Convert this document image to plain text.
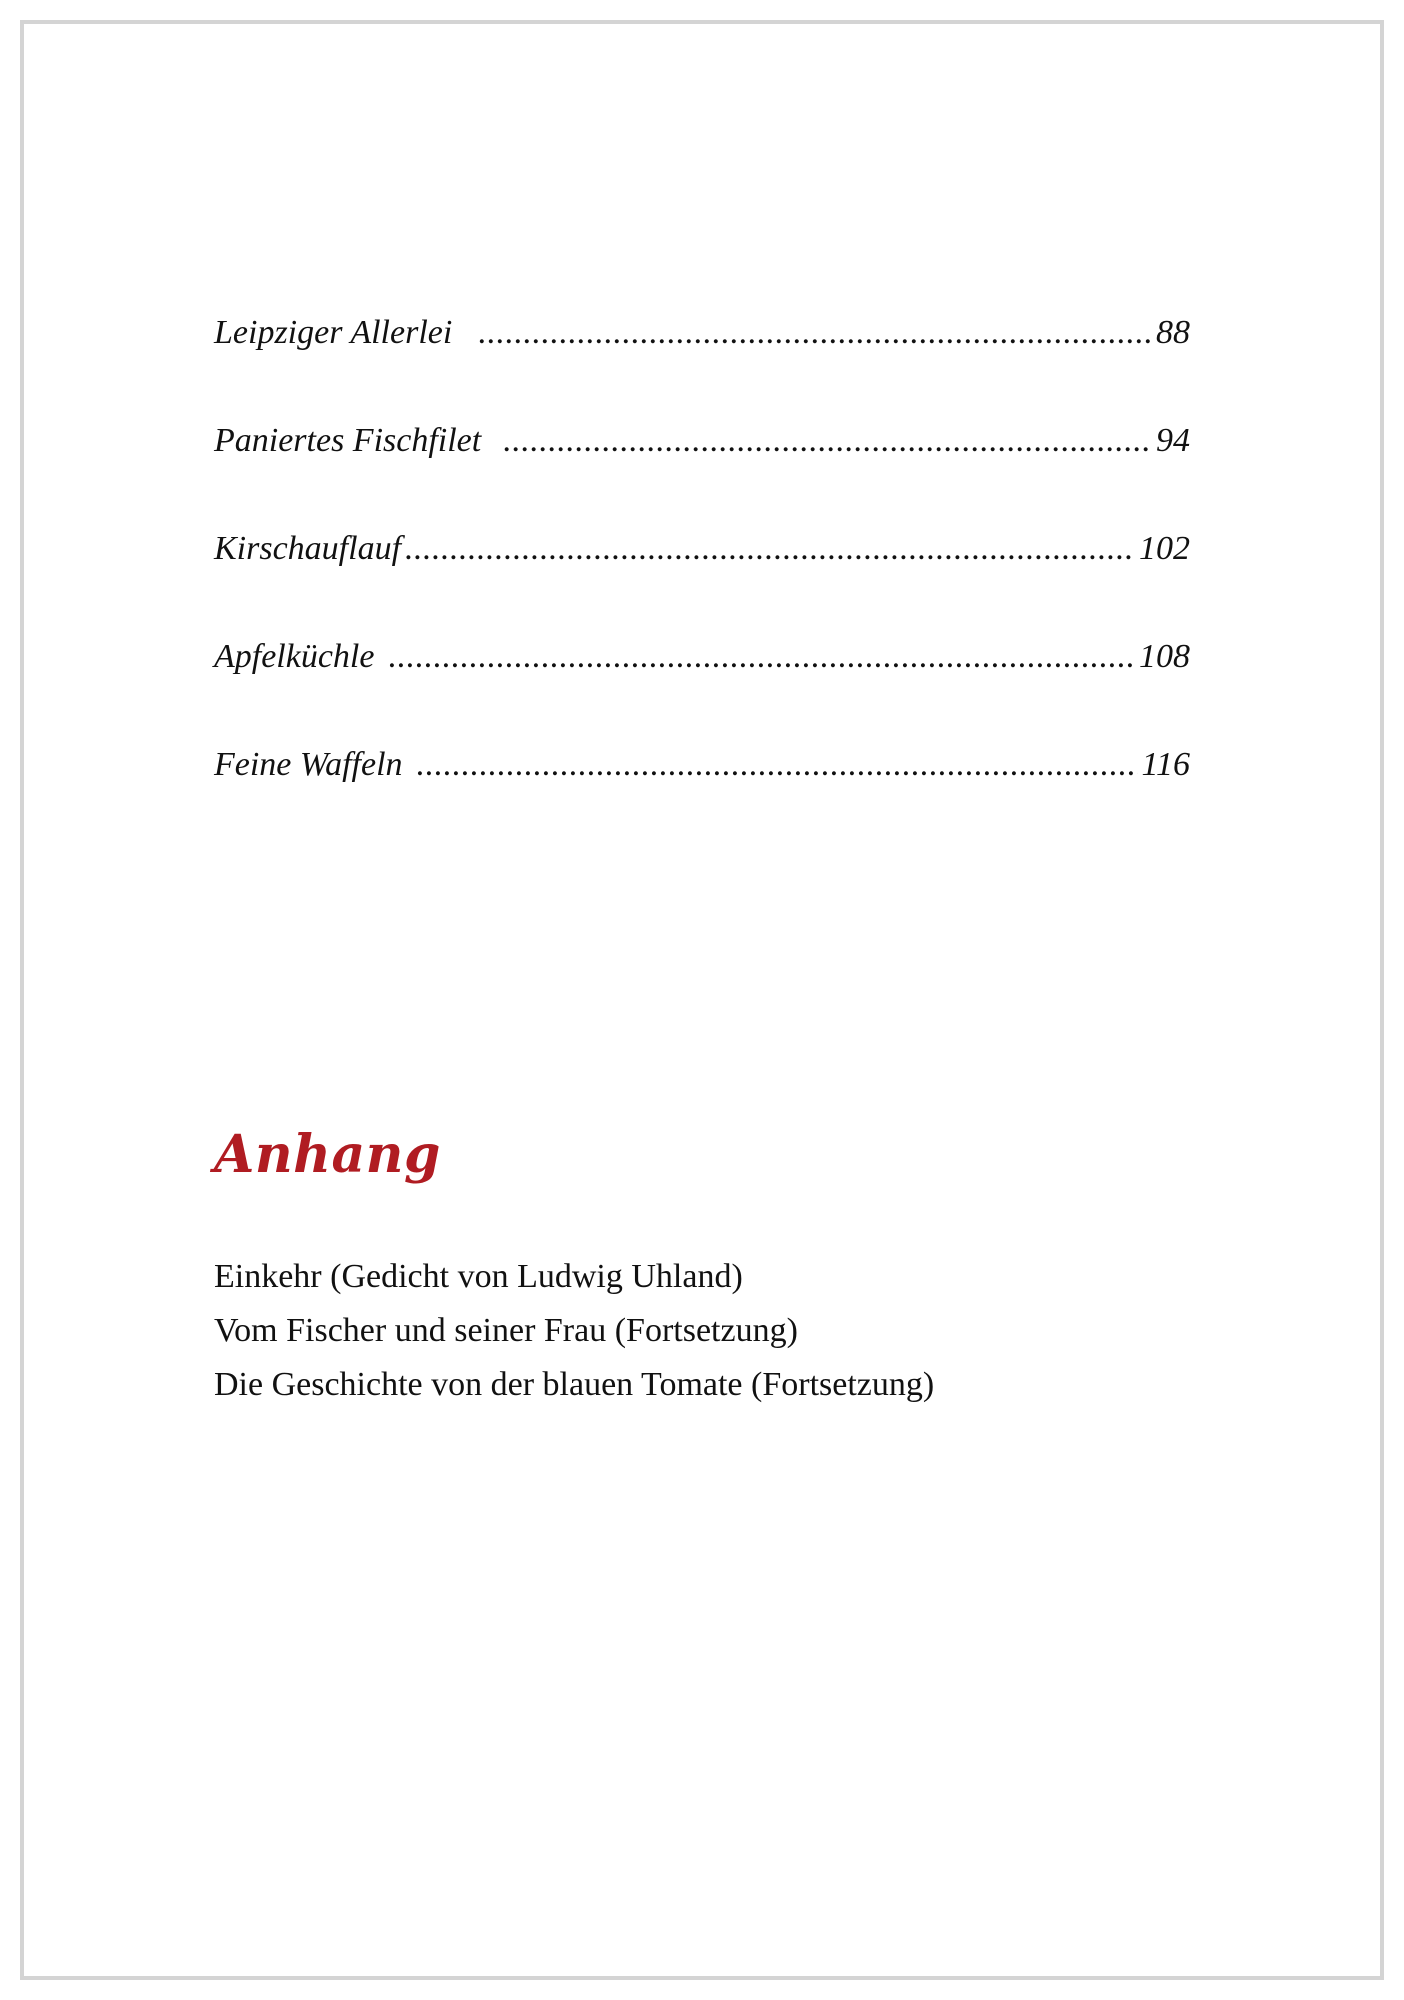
Leipziger Allerlei .....	88
Paniertes Fischfilet .....	94
Kirschauflauf .....	102
Apfelküchle .....	108
Feine Waffeln .....	116
Anhang
Einkehr (Gedicht von Ludwig Uhland)
Vom Fischer und seiner Frau (Fortsetzung)
Die Geschichte von der blauen Tomate (Fortsetzung)
